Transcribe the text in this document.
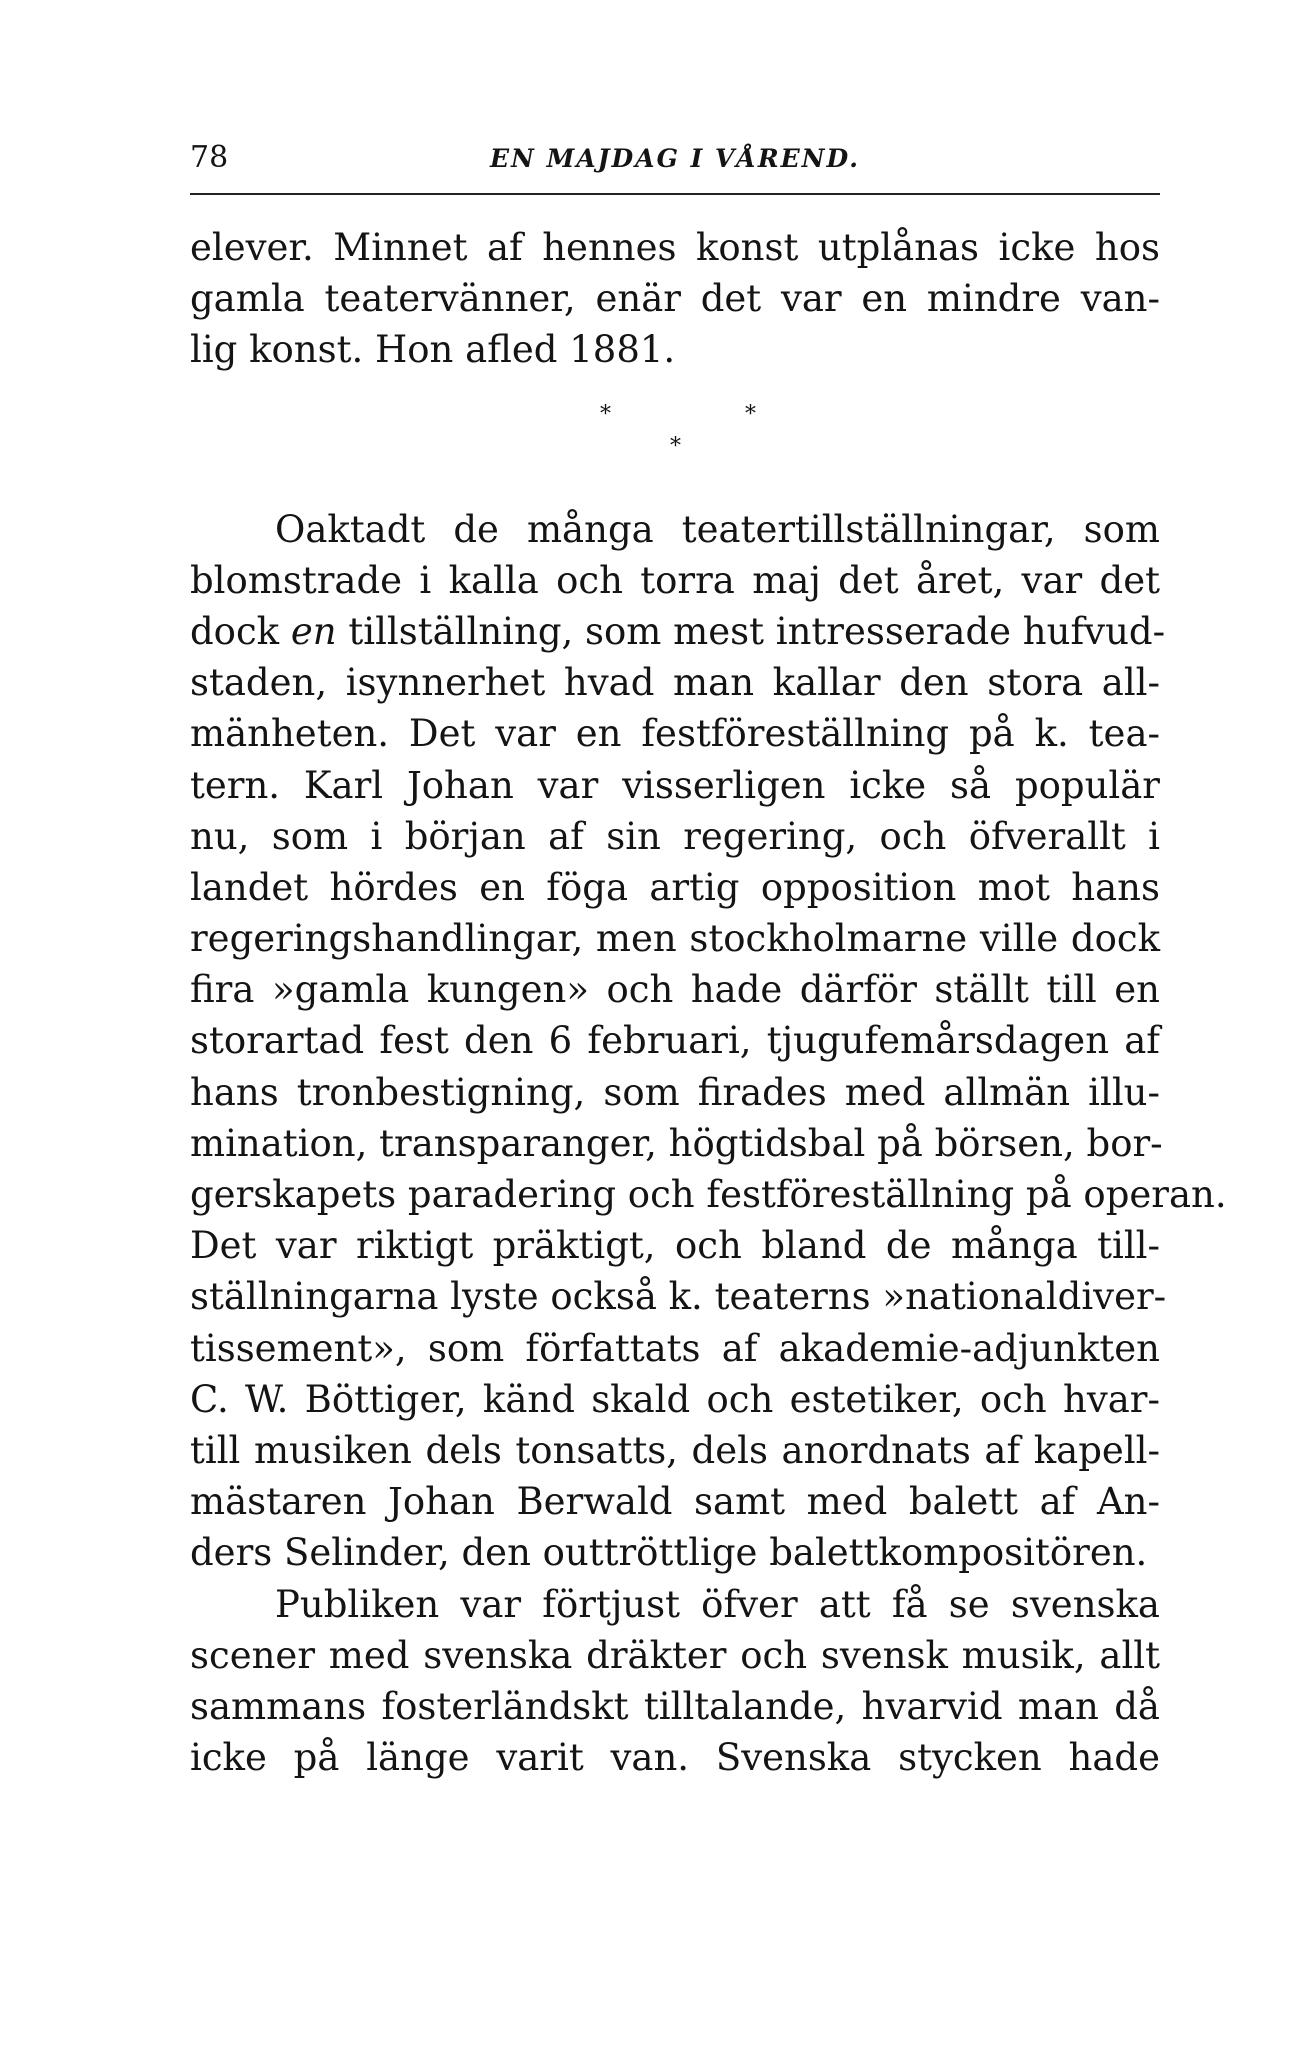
78	EN MAJDAG I VÅREND.
elever. Minnet af hennes konst utplånas icke hos
gamla teatervänner, enär det var en mindre van-
lig konst. Hon afled 1881.
*	*
*
Oaktadt de många teatertillställningar, som
blomstrade i kalla och torra maj det året, var det
dock en tillställning, som mest intresserade hufvud-
staden, isynnerhet hvad man kallar den stora all-
mänheten. Det var en festföreställning på k. tea-
tern. Karl Johan var visserligen icke så populär
nu, som i början af sin regering, och öfverallt i
landet hördes en föga artig opposition mot hans
regeringshandlingar, men stockholmarne ville dock
fira »gamla kungen» och hade därför ställt till en
storartad fest den 6 februari, tjugufemårsdagen af
hans tronbestigning, som firades med allmän illu-
mination, transparanger, högtidsbal på börsen, bor-
gerskapets paradering och festföreställning på operan.
Det var riktigt präktigt, och bland de många till-
ställningarna lyste också k. teaterns »nationaldiver-
tissement», som författats af akademie-adjunkten
C. W. Böttiger, känd skald och estetiker, och hvar-
till musiken dels tonsatts, dels anordnats af kapell-
mästaren Johan Berwald samt med balett af An-
ders Selinder, den outtröttlige balettkompositören.
Publiken var förtjust öfver att få se svenska
scener med svenska dräkter och svensk musik, allt
sammans fosterländskt tilltalande, hvarvid man då
icke på länge varit van. Svenska stycken hade
